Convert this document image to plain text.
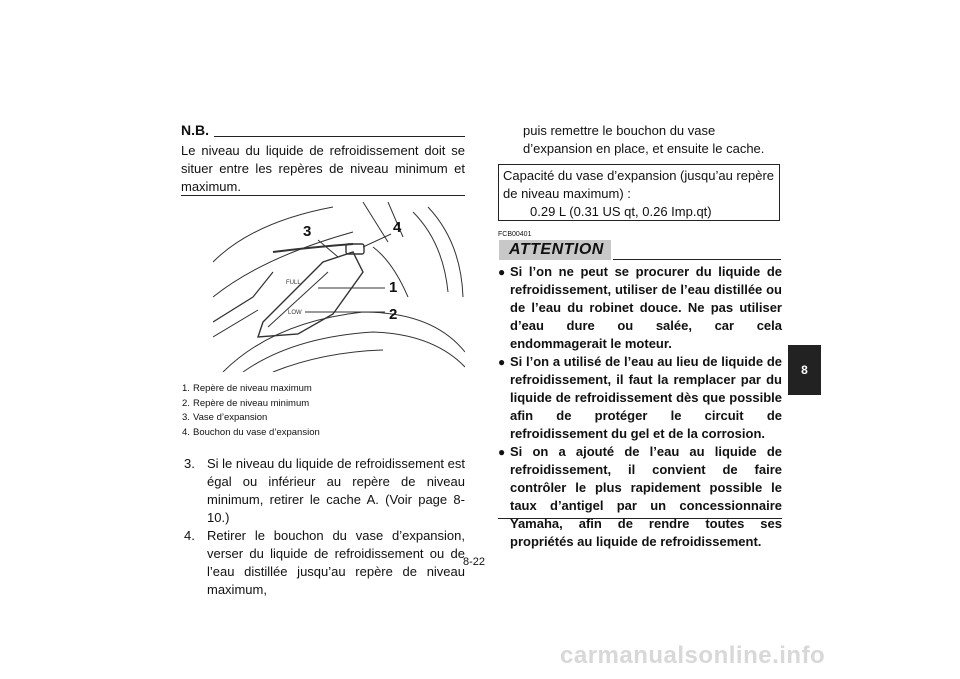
N.B.
Le niveau du liquide de refroidissement doit se situer entre les repères de niveau minimum et maximum.
FULL
LOW
3	4
1
2
1. Repère de niveau maximum
2. Repère de niveau minimum
3. Vase d’expansion
4. Bouchon du vase d’expansion
3. Si le niveau du liquide de refroidissement est égal ou inférieur au repère de niveau minimum, retirer le cache A. (Voir page 8-10.)
4. Retirer le bouchon du vase d’expansion, verser du liquide de refroidissement ou de l’eau distillée jusqu’au repère de niveau maximum,
puis remettre le bouchon du vase d’expansion en place, et ensuite le cache.
Capacité du vase d’expansion (jusqu’au repère de niveau maximum) :
0.29 L (0.31 US qt, 0.26 Imp.qt)
FCB00401
ATTENTION
● Si l’on ne peut se procurer du liquide de refroidissement, utiliser de l’eau distillée ou de l’eau du robinet douce. Ne pas utiliser d’eau dure ou salée, car cela endommagerait le moteur.
● Si l’on a utilisé de l’eau au lieu de liquide de refroidissement, il faut la remplacer par du liquide de refroidissement dès que possible afin de protéger le circuit de refroidissement du gel et de la corrosion.
● Si on a ajouté de l’eau au liquide de refroidissement, il convient de faire contrôler le plus rapidement possible le taux d’antigel par un concessionnaire Yamaha, afin de rendre toutes ses propriétés au liquide de refroidissement.
8-22
8
carmanualsonline.info
